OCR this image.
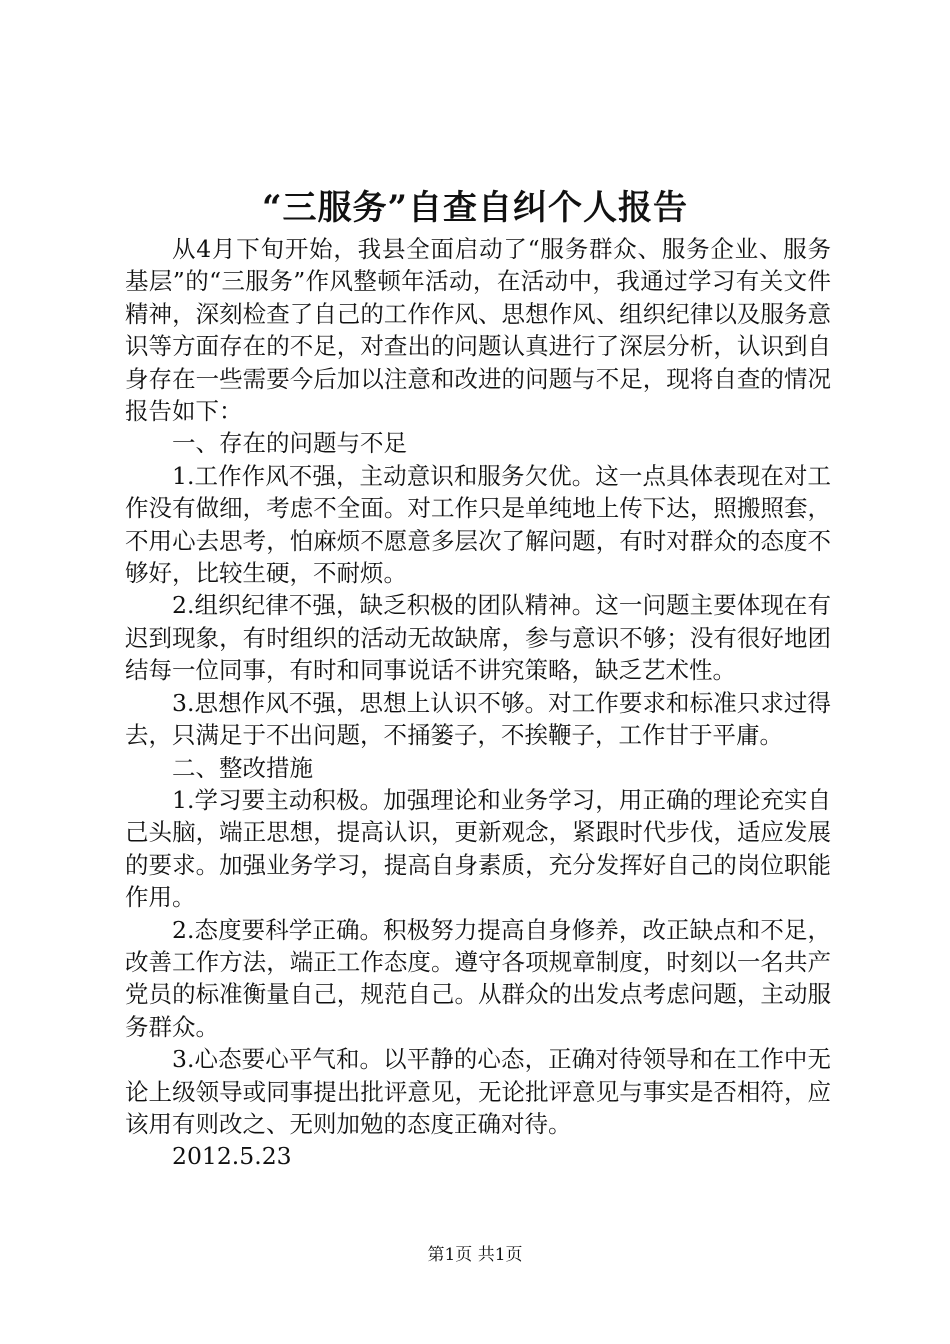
“三服务”自查自纠个人报告

从4月下旬开始，我县全面启动了“服务群众、服务企业、服务基层”的“三服务”作风整顿年活动，在活动中，我通过学习有关文件精神，深刻检查了自己的工作作风、思想作风、组织纪律以及服务意识等方面存在的不足，对查出的问题认真进行了深层分析，认识到自身存在一些需要今后加以注意和改进的问题与不足，现将自查的情况报告如下：

一、存在的问题与不足

1.工作作风不强，主动意识和服务欠优。这一点具体表现在对工作没有做细，考虑不全面。对工作只是单纯地上传下达，照搬照套，不用心去思考，怕麻烦不愿意多层次了解问题，有时对群众的态度不够好，比较生硬，不耐烦。

2.组织纪律不强，缺乏积极的团队精神。这一问题主要体现在有迟到现象，有时组织的活动无故缺席，参与意识不够；没有很好地团结每一位同事，有时和同事说话不讲究策略，缺乏艺术性。

3.思想作风不强，思想上认识不够。对工作要求和标准只求过得去，只满足于不出问题，不捅篓子，不挨鞭子，工作甘于平庸。

二、整改措施

1.学习要主动积极。加强理论和业务学习，用正确的理论充实自己头脑，端正思想，提高认识，更新观念，紧跟时代步伐，适应发展的要求。加强业务学习，提高自身素质，充分发挥好自己的岗位职能作用。

2.态度要科学正确。积极努力提高自身修养，改正缺点和不足，改善工作方法，端正工作态度。遵守各项规章制度，时刻以一名共产党员的标准衡量自己，规范自己。从群众的出发点考虑问题，主动服务群众。

3.心态要心平气和。以平静的心态，正确对待领导和在工作中无论上级领导或同事提出批评意见，无论批评意见与事实是否相符，应该用有则改之、无则加勉的态度正确对待。

2012.5.23

第1页 共1页
